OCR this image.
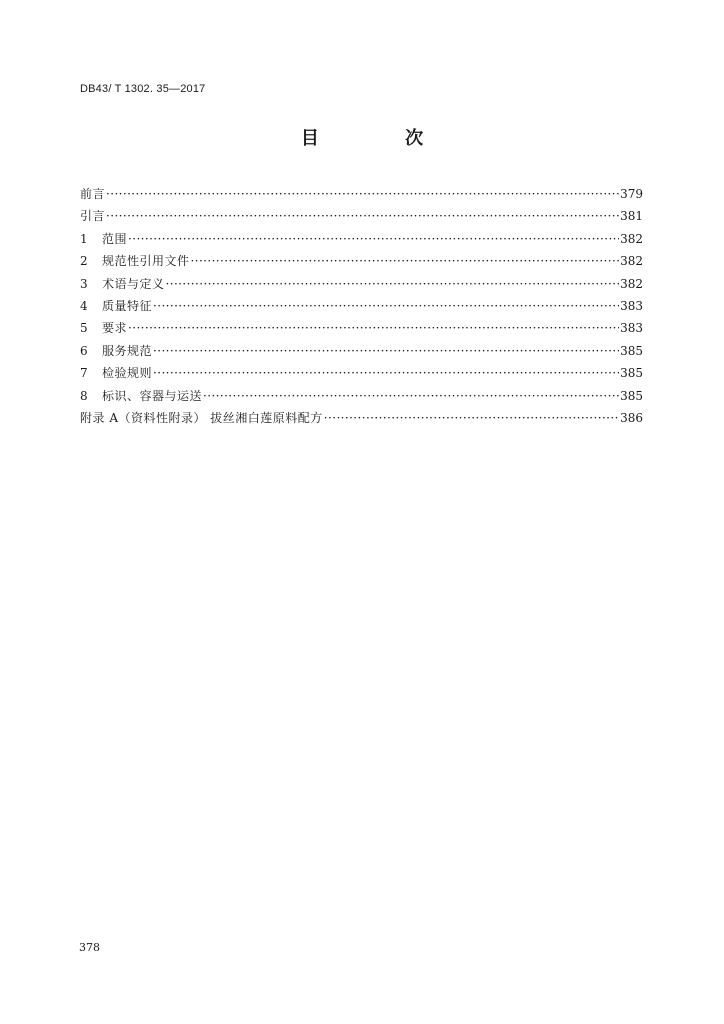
DB43/ T 1302. 35—2017
目 次
前言 ·····	379
引言 ·····	381
1	范围 ·····	382
2	规范性引用文件 ·····	382
3	术语与定义 ·····	382
4	质量特征 ·····	383
5	要求 ·····	383
6	服务规范 ·····	385
7	检验规则 ·····	385
8	标识、容器与运送 ·····	385
附录 A（资料性附录） 拔丝湘白莲原料配方 ·····	386
378
